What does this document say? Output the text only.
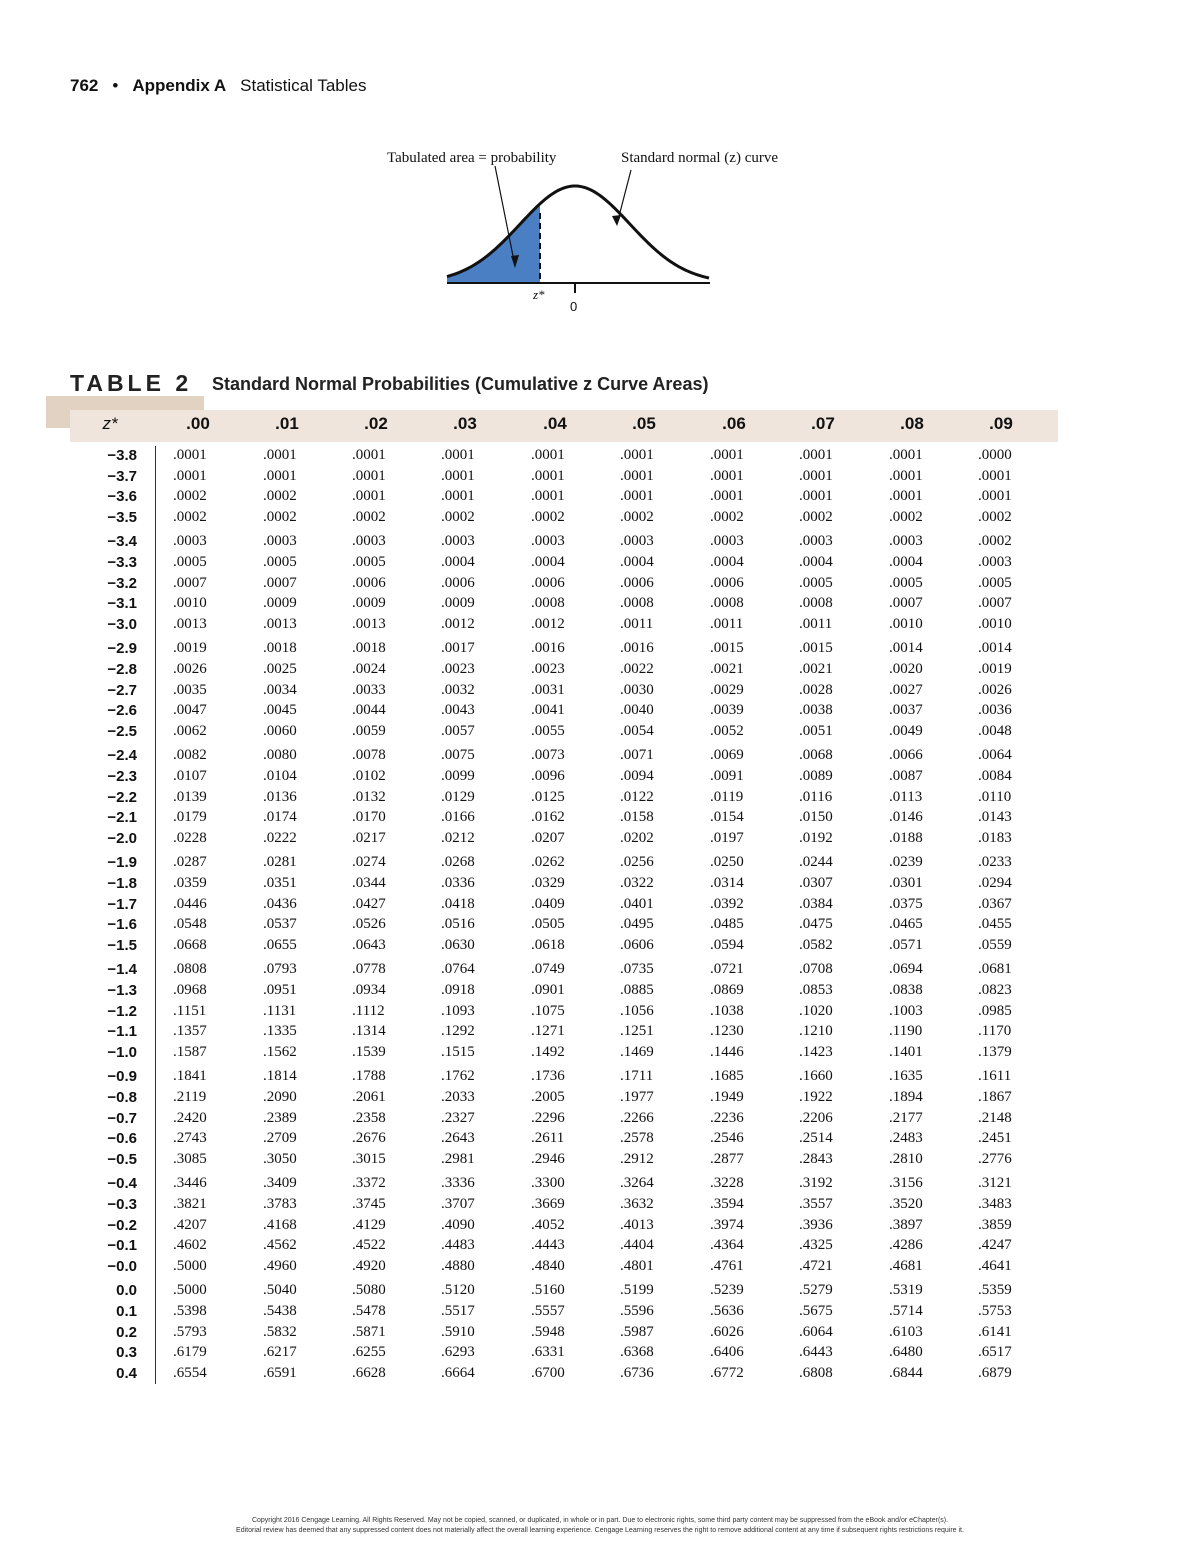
762 • Appendix A Statistical Tables
Tabulated area = probability	Standard normal (z) curve
z*
0
TABLE 2 Standard Normal Probabilities (Cumulative z Curve Areas)
z*	.00	.01	.02	.03	.04	.05	.06	.07	.08	.09
−3.8 .0001	.0001	.0001	.0001	.0001	.0001	.0001	.0001	.0001	.0000
−3.7 .0001	.0001	.0001	.0001	.0001	.0001	.0001	.0001	.0001	.0001
−3.6 .0002	.0002	.0001	.0001	.0001	.0001	.0001	.0001	.0001	.0001
−3.5 .0002	.0002	.0002	.0002	.0002	.0002	.0002	.0002	.0002	.0002
−3.4 .0003	.0003	.0003	.0003	.0003	.0003	.0003	.0003	.0003	.0002
−3.3 .0005	.0005	.0005	.0004	.0004	.0004	.0004	.0004	.0004	.0003
−3.2 .0007	.0007	.0006	.0006	.0006	.0006	.0006	.0005	.0005	.0005
−3.1 .0010	.0009	.0009	.0009	.0008	.0008	.0008	.0008	.0007	.0007
−3.0 .0013	.0013	.0013	.0012	.0012	.0011	.0011	.0011	.0010	.0010
−2.9 .0019	.0018	.0018	.0017	.0016	.0016	.0015	.0015	.0014	.0014
−2.8 .0026	.0025	.0024	.0023	.0023	.0022	.0021	.0021	.0020	.0019
−2.7 .0035	.0034	.0033	.0032	.0031	.0030	.0029	.0028	.0027	.0026
−2.6 .0047	.0045	.0044	.0043	.0041	.0040	.0039	.0038	.0037	.0036
−2.5 .0062	.0060	.0059	.0057	.0055	.0054	.0052	.0051	.0049	.0048
−2.4 .0082	.0080	.0078	.0075	.0073	.0071	.0069	.0068	.0066	.0064
−2.3 .0107	.0104	.0102	.0099	.0096	.0094	.0091	.0089	.0087	.0084
−2.2 .0139	.0136	.0132	.0129	.0125	.0122	.0119	.0116	.0113	.0110
−2.1 .0179	.0174	.0170	.0166	.0162	.0158	.0154	.0150	.0146	.0143
−2.0 .0228	.0222	.0217	.0212	.0207	.0202	.0197	.0192	.0188	.0183
−1.9 .0287	.0281	.0274	.0268	.0262	.0256	.0250	.0244	.0239	.0233
−1.8 .0359	.0351	.0344	.0336	.0329	.0322	.0314	.0307	.0301	.0294
−1.7 .0446	.0436	.0427	.0418	.0409	.0401	.0392	.0384	.0375	.0367
−1.6 .0548	.0537	.0526	.0516	.0505	.0495	.0485	.0475	.0465	.0455
−1.5 .0668	.0655	.0643	.0630	.0618	.0606	.0594	.0582	.0571	.0559
−1.4 .0808	.0793	.0778	.0764	.0749	.0735	.0721	.0708	.0694	.0681
−1.3 .0968	.0951	.0934	.0918	.0901	.0885	.0869	.0853	.0838	.0823
−1.2 .1151	.1131	.1112	.1093	.1075	.1056	.1038	.1020	.1003	.0985
−1.1 .1357	.1335	.1314	.1292	.1271	.1251	.1230	.1210	.1190	.1170
−1.0 .1587	.1562	.1539	.1515	.1492	.1469	.1446	.1423	.1401	.1379
−0.9 .1841	.1814	.1788	.1762	.1736	.1711	.1685	.1660	.1635	.1611
−0.8 .2119	.2090	.2061	.2033	.2005	.1977	.1949	.1922	.1894	.1867
−0.7 .2420	.2389	.2358	.2327	.2296	.2266	.2236	.2206	.2177	.2148
−0.6 .2743	.2709	.2676	.2643	.2611	.2578	.2546	.2514	.2483	.2451
−0.5 .3085	.3050	.3015	.2981	.2946	.2912	.2877	.2843	.2810	.2776
−0.4 .3446	.3409	.3372	.3336	.3300	.3264	.3228	.3192	.3156	.3121
−0.3 .3821	.3783	.3745	.3707	.3669	.3632	.3594	.3557	.3520	.3483
−0.2 .4207	.4168	.4129	.4090	.4052	.4013	.3974	.3936	.3897	.3859
−0.1 .4602	.4562	.4522	.4483	.4443	.4404	.4364	.4325	.4286	.4247
−0.0 .5000	.4960	.4920	.4880	.4840	.4801	.4761	.4721	.4681	.4641
0.0 .5000	.5040	.5080	.5120	.5160	.5199	.5239	.5279	.5319	.5359
0.1 .5398	.5438	.5478	.5517	.5557	.5596	.5636	.5675	.5714	.5753
0.2 .5793	.5832	.5871	.5910	.5948	.5987	.6026	.6064	.6103	.6141
0.3 .6179	.6217	.6255	.6293	.6331	.6368	.6406	.6443	.6480	.6517
0.4 .6554	.6591	.6628	.6664	.6700	.6736	.6772	.6808	.6844	.6879
Copyright 2016 Cengage Learning. All Rights Reserved. May not be copied, scanned, or duplicated, in whole or in part. Due to electronic rights, some third party content may be suppressed from the eBook and/or eChapter(s).
Editorial review has deemed that any suppressed content does not materially affect the overall learning experience. Cengage Learning reserves the right to remove additional content at any time if subsequent rights restrictions require it.
